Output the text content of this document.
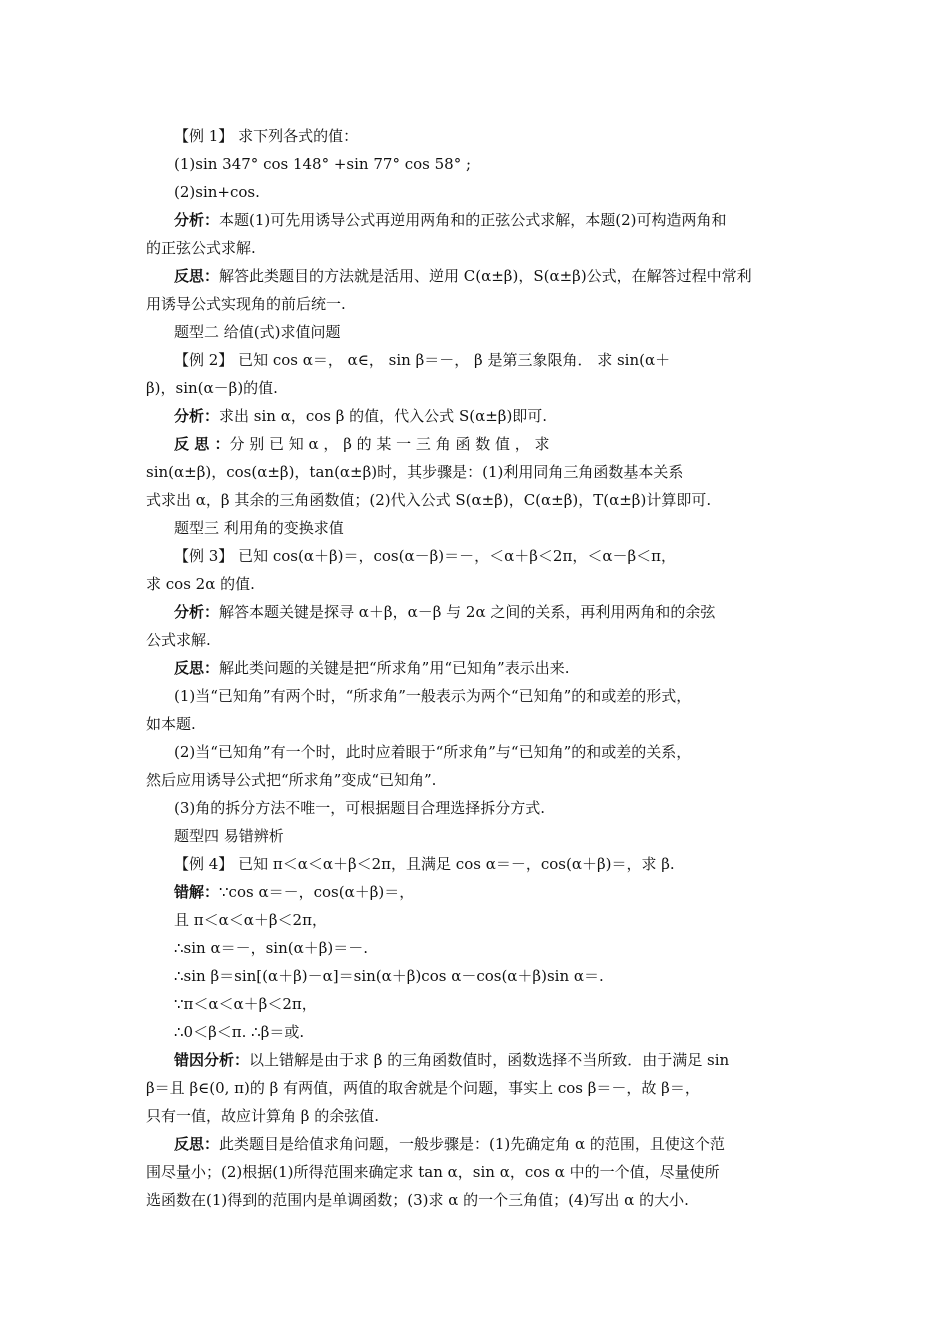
【例 1】 求下列各式的值：

(1)sin 347° cos 148° +sin 77° cos 58° ;

(2)sin+cos.

分析：本题(1)可先用诱导公式再逆用两角和的正弦公式求解，本题(2)可构造两角和

的正弦公式求解.

反思：解答此类题目的方法就是活用、逆用 C(α±β)，S(α±β)公式，在解答过程中常利

用诱导公式实现角的前后统一.

题型二 给值(式)求值问题

【例 2】 已知 cos α＝， α∈， sin β＝－， β 是第三象限角． 求 sin(α＋

β)，sin(α－β)的值.

分析：求出 sin α，cos β 的值，代入公式 S(α±β)即可.

反 思 ：分 别 已 知 α ， β 的 某 一 三 角 函 数 值 ， 求

sin(α±β)，cos(α±β)，tan(α±β)时，其步骤是：(1)利用同角三角函数基本关系

式求出 α，β 其余的三角函数值；(2)代入公式 S(α±β)，C(α±β)，T(α±β)计算即可.

题型三 利用角的变换求值

【例 3】 已知 cos(α＋β)＝，cos(α－β)＝－，＜α＋β＜2π，＜α－β＜π，

求 cos 2α 的值.

分析：解答本题关键是探寻 α＋β，α－β 与 2α 之间的关系，再利用两角和的余弦

公式求解.

反思：解此类问题的关键是把“所求角”用“已知角”表示出来.

(1)当“已知角”有两个时，“所求角”一般表示为两个“已知角”的和或差的形式，

如本题.

(2)当“已知角”有一个时，此时应着眼于“所求角”与“已知角”的和或差的关系，

然后应用诱导公式把“所求角”变成“已知角”.

(3)角的拆分方法不唯一，可根据题目合理选择拆分方式.

题型四 易错辨析

【例 4】 已知 π＜α＜α＋β＜2π，且满足 cos α＝－，cos(α＋β)＝，求 β.

错解：∵cos α＝－，cos(α＋β)＝，

且 π＜α＜α＋β＜2π，

∴sin α＝－，sin(α＋β)＝－.

∴sin β＝sin[(α＋β)－α]＝sin(α＋β)cos α－cos(α＋β)sin α＝.

∵π＜α＜α＋β＜2π，

∴0＜β＜π. ∴β＝或.

错因分析：以上错解是由于求 β 的三角函数值时，函数选择不当所致．由于满足 sin

β＝且 β∈(0, π)的 β 有两值，两值的取舍就是个问题，事实上 cos β＝－，故 β＝，

只有一值，故应计算角 β 的余弦值.

反思：此类题目是给值求角问题，一般步骤是：(1)先确定角 α 的范围，且使这个范

围尽量小；(2)根据(1)所得范围来确定求 tan α，sin α，cos α 中的一个值，尽量使所

选函数在(1)得到的范围内是单调函数；(3)求 α 的一个三角值；(4)写出 α 的大小.
